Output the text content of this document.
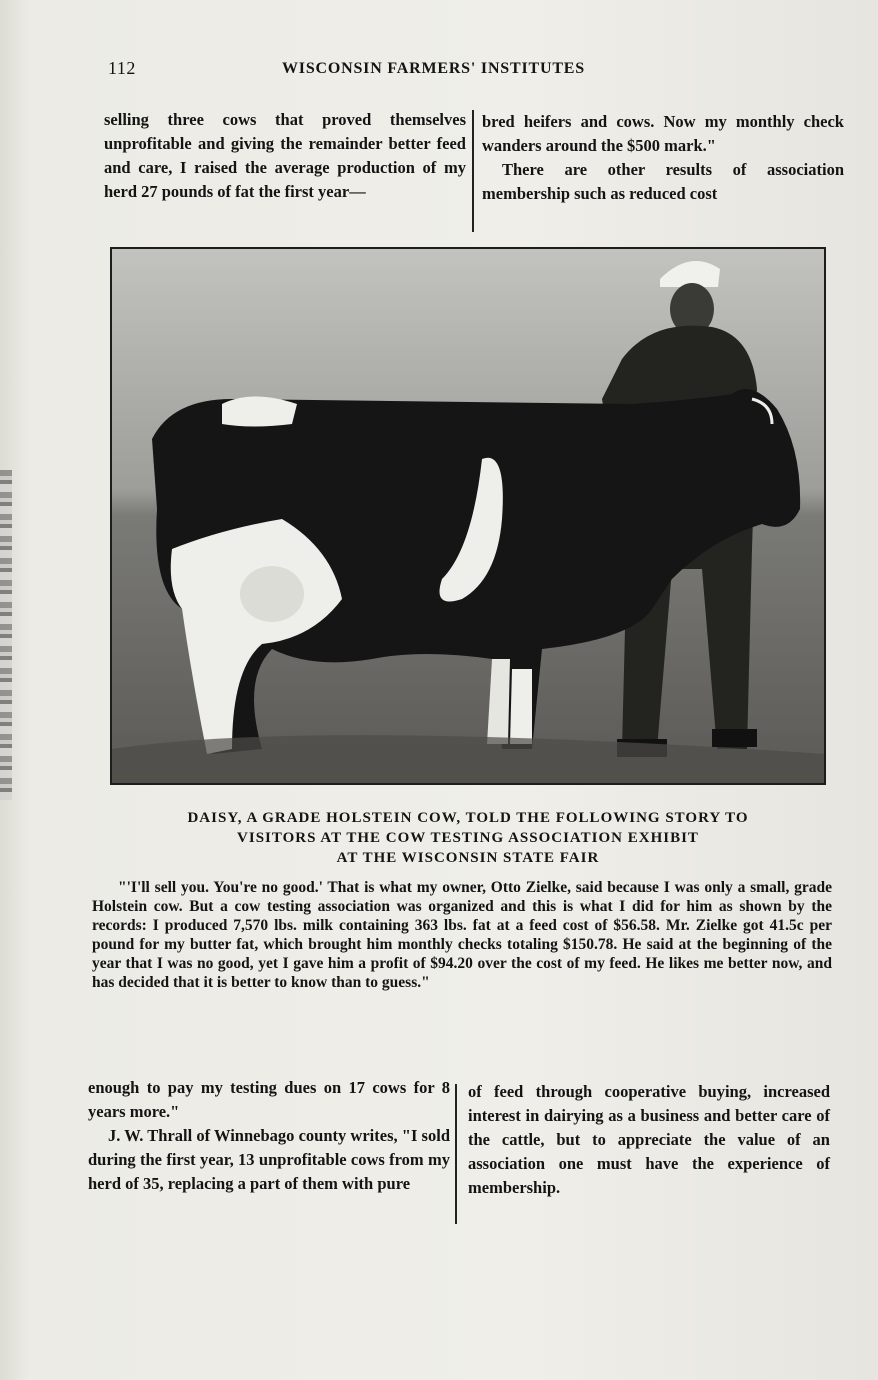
112	WISCONSIN FARMERS' INSTITUTES

selling three cows that proved themselves unprofitable and giving the remainder better feed and care, I raised the average production of my herd 27 pounds of fat the first year—

bred heifers and cows. Now my monthly check wanders around the $500 mark."

There are other results of association membership such as reduced cost

DAISY, A GRADE HOLSTEIN COW, TOLD THE FOLLOWING STORY TO
VISITORS AT THE COW TESTING ASSOCIATION EXHIBIT
AT THE WISCONSIN STATE FAIR
"'I'll sell you. You're no good.' That is what my owner, Otto Zielke, said because I was only a small, grade Holstein cow. But a cow testing association was organized and this is what I did for him as shown by the records: I produced 7,570 lbs. milk containing 363 lbs. fat at a feed cost of $56.58. Mr. Zielke got 41.5c per pound for my butter fat, which brought him monthly checks totaling $150.78. He said at the beginning of the year that I was no good, yet I gave him a profit of $94.20 over the cost of my feed. He likes me better now, and has decided that it is better to know than to guess."

enough to pay my testing dues on 17 cows for 8 years more."

J. W. Thrall of Winnebago county writes, "I sold during the first year, 13 unprofitable cows from my herd of 35, replacing a part of them with pure

of feed through cooperative buying, increased interest in dairying as a business and better care of the cattle, but to appreciate the value of an association one must have the experience of membership.
